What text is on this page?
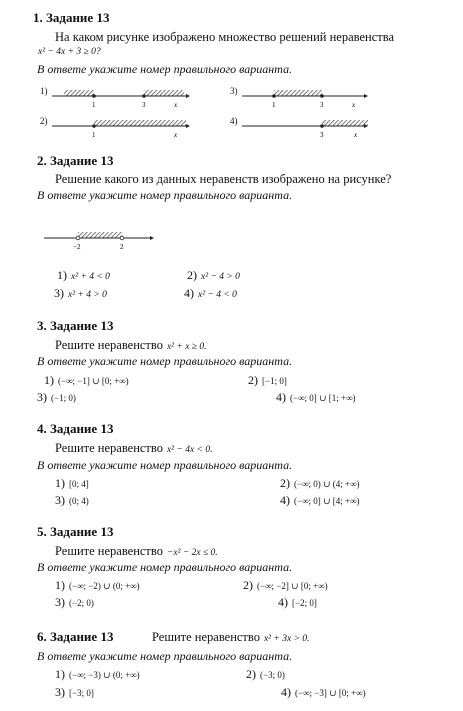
1. Задание 13
На каком рисунке изображено множество решений неравенства
x² − 4x + 3 ≥ 0?
В ответе укажите номер правильного варианта.
1)
1	3	x
2)
1	x
3)
1	3	x
4)
3	x
2. Задание 13
Решение какого из данных неравенств изображено на рисунке?
В ответе укажите номер правильного варианта.
−2	2
1) x² + 4 < 0	2) x² − 4 > 0
3) x² + 4 > 0	4) x² − 4 < 0
3. Задание 13
Решите неравенство x² + x ≥ 0.
В ответе укажите номер правильного варианта.
1) (−∞; −1] ∪ [0; +∞)	2) [−1; 0]
3) (−1; 0)	4) (−∞; 0] ∪ [1; +∞)
4. Задание 13
Решите неравенство x² − 4x < 0.
В ответе укажите номер правильного варианта.
1) [0; 4]	2) (−∞; 0) ∪ (4; +∞)
3) (0; 4)	4) (−∞; 0] ∪ [4; +∞)
5. Задание 13
Решите неравенство −x² − 2x ≤ 0.
В ответе укажите номер правильного варианта.
1) (−∞; −2) ∪ (0; +∞)	2) (−∞; −2] ∪ [0; +∞)
3) (−2; 0)	4) [−2; 0]
6. Задание 13	Решите неравенство x² + 3x > 0.
В ответе укажите номер правильного варианта.
1) (−∞; −3) ∪ (0; +∞)	2) (−3; 0)
3) [−3; 0]	4) (−∞; −3] ∪ [0; +∞)
